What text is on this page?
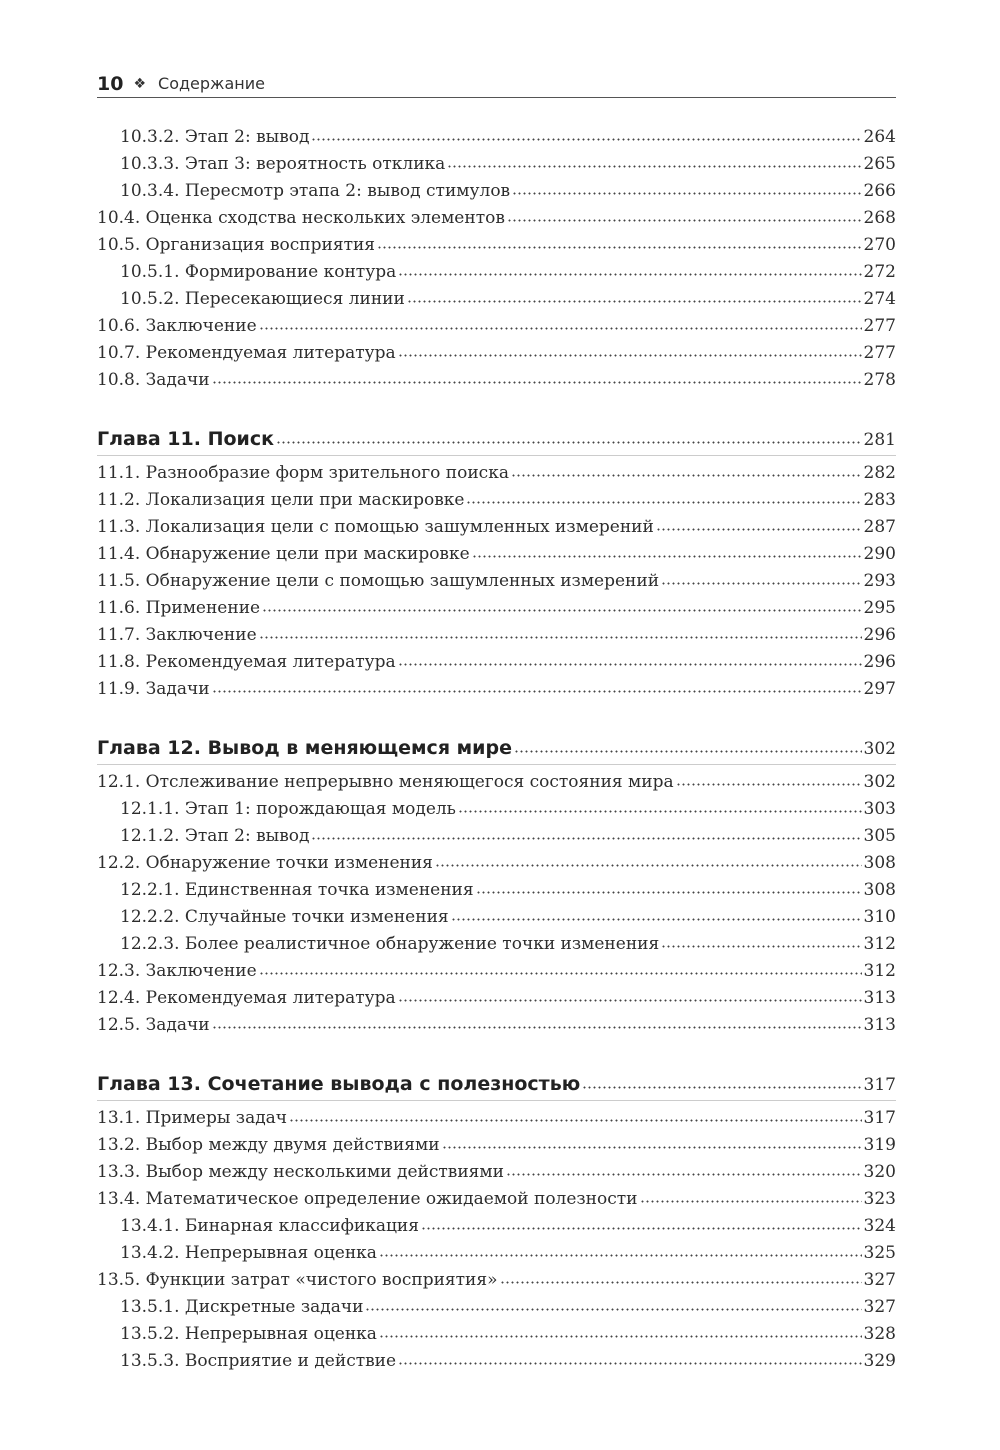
10 ❖ Содержание
10.3.2. Этап 2: вывод	264
10.3.3. Этап 3: вероятность отклика	265
10.3.4. Пересмотр этапа 2: вывод стимулов	266
10.4. Оценка сходства нескольких элементов	268
10.5. Организация восприятия	270
10.5.1. Формирование контура	272
10.5.2. Пересекающиеся линии	274
10.6. Заключение	277
10.7. Рекомендуемая литература	277
10.8. Задачи	278
Глава 11. Поиск	281
11.1. Разнообразие форм зрительного поиска	282
11.2. Локализация цели при маскировке	283
11.3. Локализация цели с помощью зашумленных измерений	287
11.4. Обнаружение цели при маскировке	290
11.5. Обнаружение цели с помощью зашумленных измерений	293
11.6. Применение	295
11.7. Заключение	296
11.8. Рекомендуемая литература	296
11.9. Задачи	297
Глава 12. Вывод в меняющемся мире	302
12.1. Отслеживание непрерывно меняющегося состояния мира	302
12.1.1. Этап 1: порождающая модель	303
12.1.2. Этап 2: вывод	305
12.2. Обнаружение точки изменения	308
12.2.1. Единственная точка изменения	308
12.2.2. Случайные точки изменения	310
12.2.3. Более реалистичное обнаружение точки изменения	312
12.3. Заключение	312
12.4. Рекомендуемая литература	313
12.5. Задачи	313
Глава 13. Сочетание вывода с полезностью	317
13.1. Примеры задач	317
13.2. Выбор между двумя действиями	319
13.3. Выбор между несколькими действиями	320
13.4. Математическое определение ожидаемой полезности	323
13.4.1. Бинарная классификация	324
13.4.2. Непрерывная оценка	325
13.5. Функции затрат «чистого восприятия»	327
13.5.1. Дискретные задачи	327
13.5.2. Непрерывная оценка	328
13.5.3. Восприятие и действие	329
